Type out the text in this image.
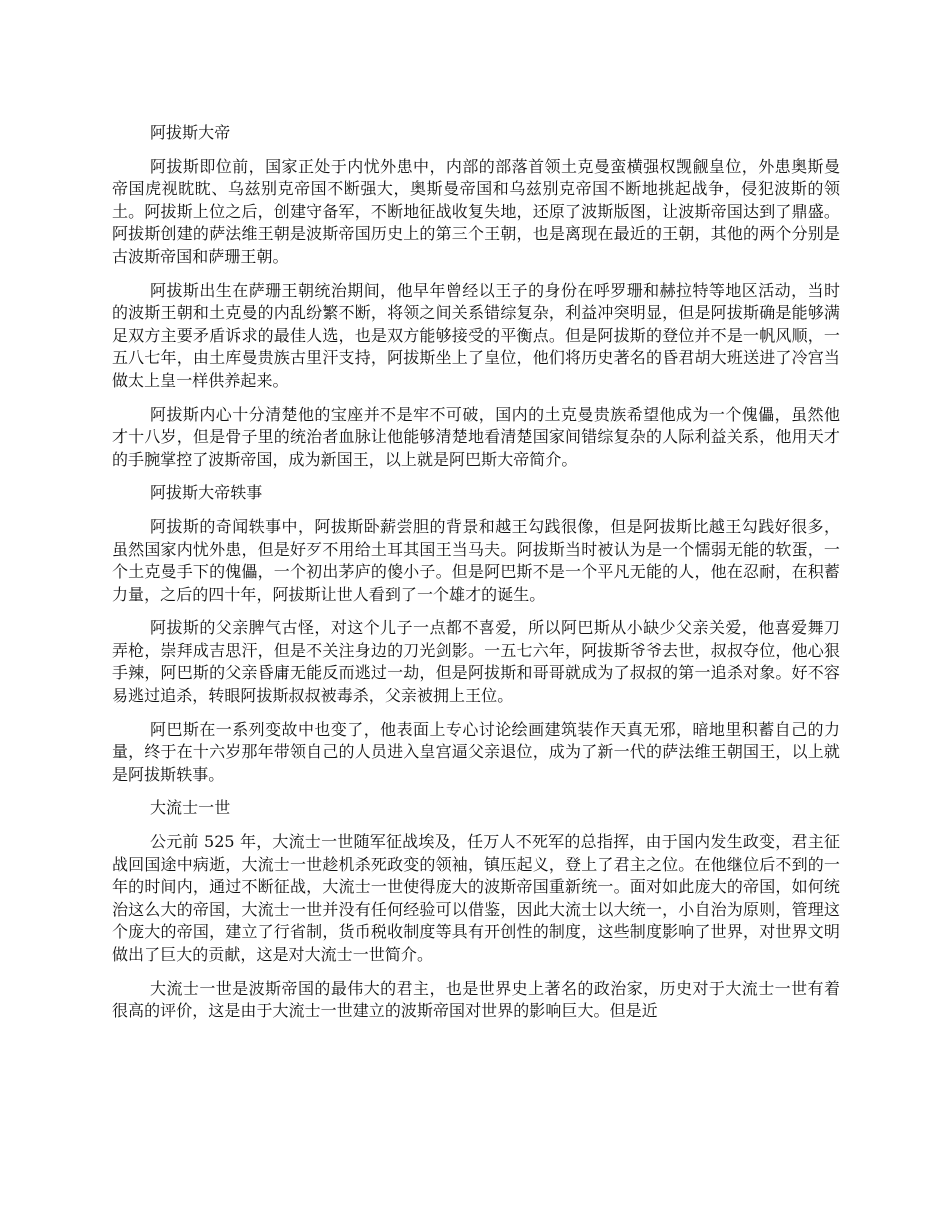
阿拔斯大帝

阿拔斯即位前，国家正处于内忧外患中，内部的部落首领土克曼蛮横强权觊觎皇位，外患奥斯曼帝国虎视眈眈、乌兹别克帝国不断强大，奥斯曼帝国和乌兹别克帝国不断地挑起战争，侵犯波斯的领土。阿拔斯上位之后，创建守备军，不断地征战收复失地，还原了波斯版图，让波斯帝国达到了鼎盛。阿拔斯创建的萨法维王朝是波斯帝国历史上的第三个王朝，也是离现在最近的王朝，其他的两个分别是古波斯帝国和萨珊王朝。

阿拔斯出生在萨珊王朝统治期间，他早年曾经以王子的身份在呼罗珊和赫拉特等地区活动，当时的波斯王朝和土克曼的内乱纷繁不断，将领之间关系错综复杂，利益冲突明显，但是阿拔斯确是能够满足双方主要矛盾诉求的最佳人选，也是双方能够接受的平衡点。但是阿拔斯的登位并不是一帆风顺，一五八七年，由土库曼贵族古里汗支持，阿拔斯坐上了皇位，他们将历史著名的昏君胡大班送进了冷宫当做太上皇一样供养起来。

阿拔斯内心十分清楚他的宝座并不是牢不可破，国内的土克曼贵族希望他成为一个傀儡，虽然他才十八岁，但是骨子里的统治者血脉让他能够清楚地看清楚国家间错综复杂的人际利益关系，他用天才的手腕掌控了波斯帝国，成为新国王，以上就是阿巴斯大帝简介。

阿拔斯大帝轶事

阿拔斯的奇闻轶事中，阿拔斯卧薪尝胆的背景和越王勾践很像，但是阿拔斯比越王勾践好很多，虽然国家内忧外患，但是好歹不用给土耳其国王当马夫。阿拔斯当时被认为是一个懦弱无能的软蛋，一个土克曼手下的傀儡，一个初出茅庐的傻小子。但是阿巴斯不是一个平凡无能的人，他在忍耐，在积蓄力量，之后的四十年，阿拔斯让世人看到了一个雄才的诞生。

阿拔斯的父亲脾气古怪，对这个儿子一点都不喜爱，所以阿巴斯从小缺少父亲关爱，他喜爱舞刀弄枪，崇拜成吉思汗，但是不关注身边的刀光剑影。一五七六年，阿拔斯爷爷去世，叔叔夺位，他心狠手辣，阿巴斯的父亲昏庸无能反而逃过一劫，但是阿拔斯和哥哥就成为了叔叔的第一追杀对象。好不容易逃过追杀，转眼阿拔斯叔叔被毒杀，父亲被拥上王位。

阿巴斯在一系列变故中也变了，他表面上专心讨论绘画建筑装作天真无邪，暗地里积蓄自己的力量，终于在十六岁那年带领自己的人员进入皇宫逼父亲退位，成为了新一代的萨法维王朝国王，以上就是阿拔斯轶事。

大流士一世

公元前 525 年，大流士一世随军征战埃及，任万人不死军的总指挥，由于国内发生政变，君主征战回国途中病逝，大流士一世趁机杀死政变的领袖，镇压起义，登上了君主之位。在他继位后不到的一年的时间内，通过不断征战，大流士一世使得庞大的波斯帝国重新统一。面对如此庞大的帝国，如何统治这么大的帝国，大流士一世并没有任何经验可以借鉴，因此大流士以大统一，小自治为原则，管理这个庞大的帝国，建立了行省制，货币税收制度等具有开创性的制度，这些制度影响了世界，对世界文明做出了巨大的贡献，这是对大流士一世简介。

大流士一世是波斯帝国的最伟大的君主，也是世界史上著名的政治家，历史对于大流士一世有着很高的评价，这是由于大流士一世建立的波斯帝国对世界的影响巨大。但是近
